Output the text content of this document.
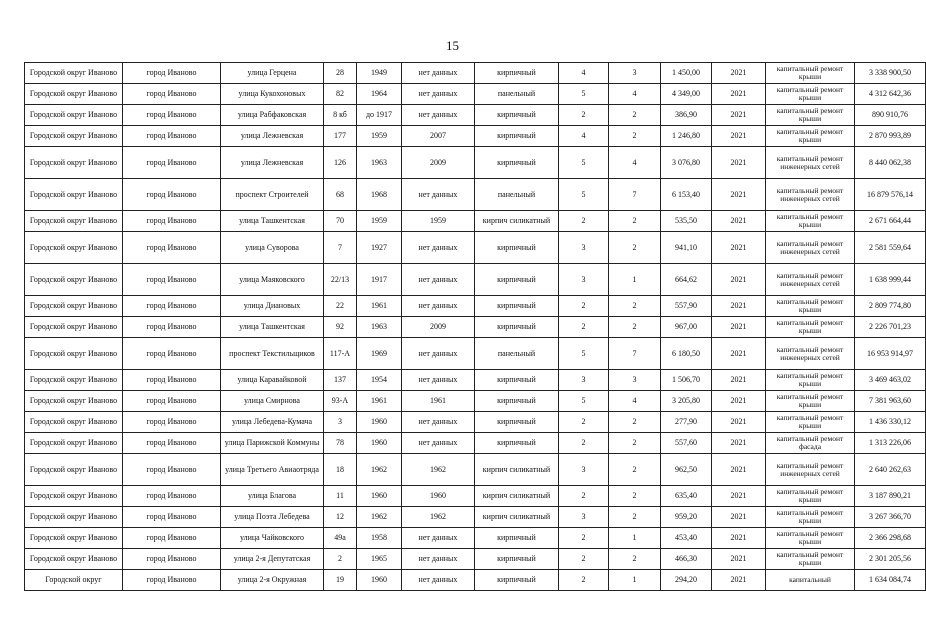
15
Городской округ Иваново	город Иваново	улица Герцена	28	1949	нет данных	кирпичный	4	3	1 450,00	2021	капитальный ремонт крыши	3 338 900,50
Городской округ Иваново	город Иваново	улица Кукохоновых	82	1964	нет данных	панельный	5	4	4 349,00	2021	капитальный ремонт крыши	4 312 642,36
Городской округ Иваново	город Иваново	улица Рабфаковская	8 кб	до 1917	нет данных	кирпичный	2	2	386,90	2021	капитальный ремонт крыши	890 910,76
Городской округ Иваново	город Иваново	улица Лежневская	177	1959	2007	кирпичный	4	2	1 246,80	2021	капитальный ремонт крыши	2 870 993,89
Городской округ Иваново	город Иваново	улица Лежневская	126	1963	2009	кирпичный	5	4	3 076,80	2021	капитальный ремонт инженерных сетей	8 440 062,38
Городской округ Иваново	город Иваново	проспект Строителей	68	1968	нет данных	панельный	5	7	6 153,40	2021	капитальный ремонт инженерных сетей	16 879 576,14
Городской округ Иваново	город Иваново	улица Ташкентская	70	1959	1959	кирпич силикатный	2	2	535,50	2021	капитальный ремонт крыши	2 671 664,44
Городской округ Иваново	город Иваново	улица Суворова	7	1927	нет данных	кирпичный	3	2	941,10	2021	капитальный ремонт инженерных сетей	2 581 559,64
Городской округ Иваново	город Иваново	улица Маяковского	22/13	1917	нет данных	кирпичный	3	1	664,62	2021	капитальный ремонт инженерных сетей	1 638 999,44
Городской округ Иваново	город Иваново	улица Диановых	22	1961	нет данных	кирпичный	2	2	557,90	2021	капитальный ремонт крыши	2 809 774,80
Городской округ Иваново	город Иваново	улица Ташкентская	92	1963	2009	кирпичный	2	2	967,00	2021	капитальный ремонт крыши	2 226 701,23
Городской округ Иваново	город Иваново	проспект Текстильщиков	117-А	1969	нет данных	панельный	5	7	6 180,50	2021	капитальный ремонт инженерных сетей	16 953 914,97
Городской округ Иваново	город Иваново	улица Каравайковой	137	1954	нет данных	кирпичный	3	3	1 506,70	2021	капитальный ремонт крыши	3 469 463,02
Городской округ Иваново	город Иваново	улица Смирнова	93-А	1961	1961	кирпичный	5	4	3 205,80	2021	капитальный ремонт крыши	7 381 963,60
Городской округ Иваново	город Иваново	улица Лебедева-Кумача	3	1960	нет данных	кирпичный	2	2	277,90	2021	капитальный ремонт крыши	1 436 330,12
Городской округ Иваново	город Иваново	улица Парижской Коммуны	78	1960	нет данных	кирпичный	2	2	557,60	2021	капитальный ремонт фасада	1 313 226,06
Городской округ Иваново	город Иваново	улица Третьего Авиаотряда	18	1962	1962	кирпич силикатный	3	2	962,50	2021	капитальный ремонт инженерных сетей	2 640 262,63
Городской округ Иваново	город Иваново	улица Благова	11	1960	1960	кирпич силикатный	2	2	635,40	2021	капитальный ремонт крыши	3 187 890,21
Городской округ Иваново	город Иваново	улица Поэта Лебедева	12	1962	1962	кирпич силикатный	3	2	959,20	2021	капитальный ремонт крыши	3 267 366,70
Городской округ Иваново	город Иваново	улица Чайковского	49а	1958	нет данных	кирпичный	2	1	453,40	2021	капитальный ремонт крыши	2 366 298,68
Городской округ Иваново	город Иваново	улица 2-я Депутатская	2	1965	нет данных	кирпичный	2	2	466,30	2021	капитальный ремонт крыши	2 301 205,56
Городской округ	город Иваново	улица 2-я Окружная	19	1960	нет данных	кирпичный	2	1	294,20	2021	капитальный	1 634 084,74
